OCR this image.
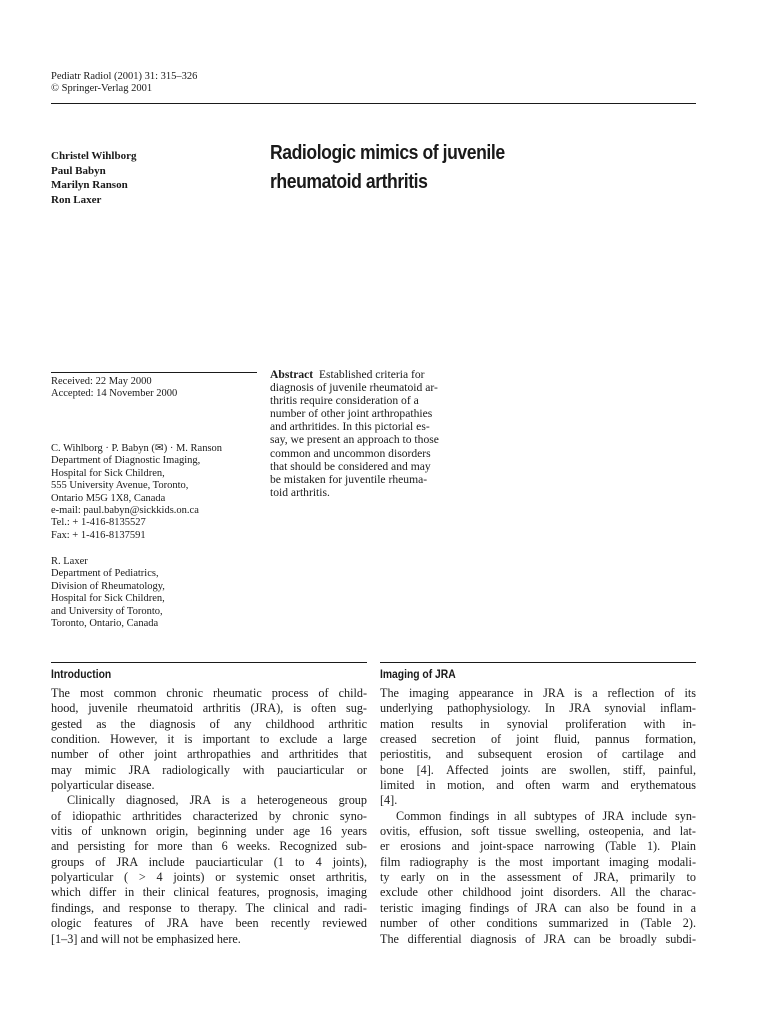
Pediatr Radiol (2001) 31: 315–326
© Springer-Verlag 2001
Christel Wihlborg
Paul Babyn
Marilyn Ranson
Ron Laxer
Radiologic mimics of juvenile
rheumatoid arthritis
Received: 22 May 2000
Accepted: 14 November 2000
C. Wihlborg · P. Babyn (✉) · M. Ranson
Department of Diagnostic Imaging,
Hospital for Sick Children,
555 University Avenue, Toronto,
Ontario M5G 1X8, Canada
e-mail: paul.babyn@sickkids.on.ca
Tel.: + 1-416-8135527
Fax: + 1-416-8137591
R. Laxer
Department of Pediatrics,
Division of Rheumatology,
Hospital for Sick Children,
and University of Toronto,
Toronto, Ontario, Canada
Abstract Established criteria for
diagnosis of juvenile rheumatoid ar-
thritis require consideration of a
number of other joint arthropathies
and arthritides. In this pictorial es-
say, we present an approach to those
common and uncommon disorders
that should be considered and may
be mistaken for juventile rheuma-
toid arthritis.
Introduction
The most common chronic rheumatic process of child-
hood, juvenile rheumatoid arthritis (JRA), is often sug-
gested as the diagnosis of any childhood arthritic
condition. However, it is important to exclude a large
number of other joint arthropathies and arthritides that
may mimic JRA radiologically with pauciarticular or
polyarticular disease.
Clinically diagnosed, JRA is a heterogeneous group
of idiopathic arthritides characterized by chronic syno-
vitis of unknown origin, beginning under age 16 years
and persisting for more than 6 weeks. Recognized sub-
groups of JRA include pauciarticular (1 to 4 joints),
polyarticular ( > 4 joints) or systemic onset arthritis,
which differ in their clinical features, prognosis, imaging
findings, and response to therapy. The clinical and radi-
ologic features of JRA have been recently reviewed
[1–3] and will not be emphasized here.
Imaging of JRA
The imaging appearance in JRA is a reflection of its
underlying pathophysiology. In JRA synovial inflam-
mation results in synovial proliferation with in-
creased secretion of joint fluid, pannus formation,
periostitis, and subsequent erosion of cartilage and
bone [4]. Affected joints are swollen, stiff, painful,
limited in motion, and often warm and erythematous
[4].
Common findings in all subtypes of JRA include syn-
ovitis, effusion, soft tissue swelling, osteopenia, and lat-
er erosions and joint-space narrowing (Table 1). Plain
film radiography is the most important imaging modali-
ty early on in the assessment of JRA, primarily to
exclude other childhood joint disorders. All the charac-
teristic imaging findings of JRA can also be found in a
number of other conditions summarized in (Table 2).
The differential diagnosis of JRA can be broadly subdi-
